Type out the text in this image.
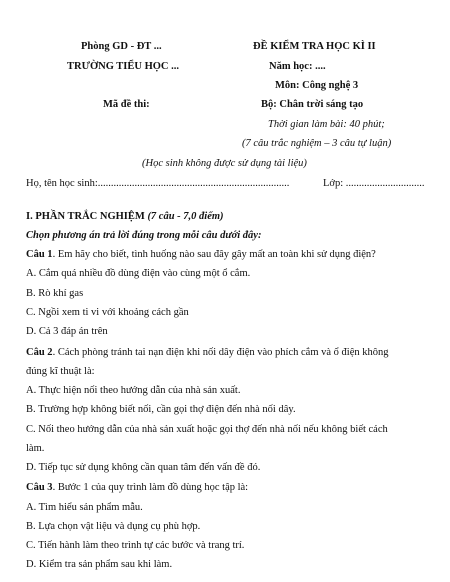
Phòng GD - ĐT ...
TRƯỜNG TIỂU HỌC ...
Mã đề thi:
ĐỀ KIỂM TRA HỌC KÌ II
Năm học: ....
Môn: Công nghệ 3
Bộ: Chân trời sáng tạo
Thời gian làm bài: 40 phút;
(7 câu trắc nghiệm – 3 câu tự luận)
(Học sinh không được sử dụng tài liệu)
Họ, tên học sinh:.........................................................................	Lớp: ..............................
I. PHẦN TRẮC NGHIỆM (7 câu - 7,0 điểm)
Chọn phương án trả lời đúng trong mỗi câu dưới đây:
Câu 1. Em hãy cho biết, tình huống nào sau đây gây mất an toàn khi sử dụng điện?
A. Cắm quá nhiều đồ dùng điện vào cùng một ổ cắm.
B. Rò khí gas
C. Ngồi xem ti vi với khoảng cách gần
D. Cả 3 đáp án trên
Câu 2. Cách phòng tránh tai nạn điện khi nối dây điện vào phích cắm và ổ điện không
đúng kĩ thuật là:
A. Thực hiện nối theo hướng dẫn của nhà sản xuất.
B. Trường hợp không biết nối, cần gọi thợ điện đến nhà nối dây.
C. Nối theo hướng dẫn của nhà sản xuất hoặc gọi thợ đến nhà nối nếu không biết cách
làm.
D. Tiếp tục sử dụng không cần quan tâm đến vấn đề đó.
Câu 3. Bước 1 của quy trình làm đồ dùng học tập là:
A. Tìm hiểu sản phẩm mẫu.
B. Lựa chọn vật liệu và dụng cụ phù hợp.
C. Tiến hành làm theo trình tự các bước và trang trí.
D. Kiểm tra sản phẩm sau khi làm.
